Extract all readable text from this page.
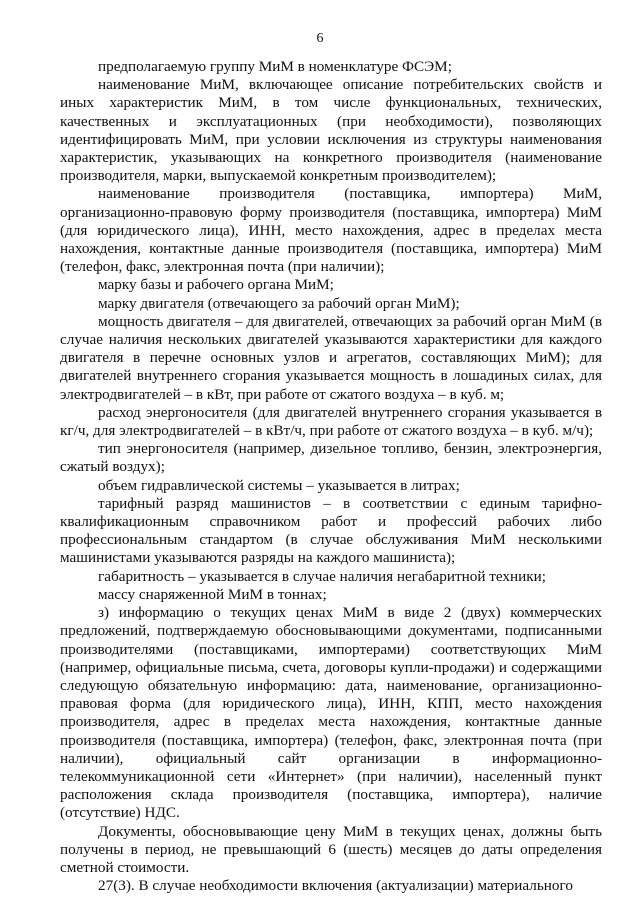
6

предполагаемую группу МиМ в номенклатуре ФСЭМ;

наименование МиМ, включающее описание потребительских свойств и иных характеристик МиМ, в том числе функциональных, технических, качественных и эксплуатационных (при необходимости), позволяющих идентифицировать МиМ, при условии исключения из структуры наименования характеристик, указывающих на конкретного производителя (наименование производителя, марки, выпускаемой конкретным производителем);

наименование производителя (поставщика, импортера) МиМ, организационно-правовую форму производителя (поставщика, импортера) МиМ (для юридического лица), ИНН, место нахождения, адрес в пределах места нахождения, контактные данные производителя (поставщика, импортера) МиМ (телефон, факс, электронная почта (при наличии);

марку базы и рабочего органа МиМ;

марку двигателя (отвечающего за рабочий орган МиМ);

мощность двигателя – для двигателей, отвечающих за рабочий орган МиМ (в случае наличия нескольких двигателей указываются характеристики для каждого двигателя в перечне основных узлов и агрегатов, составляющих МиМ); для двигателей внутреннего сгорания указывается мощность в лошадиных силах, для электродвигателей – в кВт, при работе от сжатого воздуха – в куб. м;

расход энергоносителя (для двигателей внутреннего сгорания указывается в кг/ч, для электродвигателей – в кВт/ч, при работе от сжатого воздуха – в куб. м/ч);

тип энергоносителя (например, дизельное топливо, бензин, электроэнергия, сжатый воздух);

объем гидравлической системы – указывается в литрах;

тарифный разряд машинистов – в соответствии с единым тарифно-квалификационным справочником работ и профессий рабочих либо профессиональным стандартом (в случае обслуживания МиМ несколькими машинистами указываются разряды на каждого машиниста);

габаритность – указывается в случае наличия негабаритной техники;

массу снаряженной МиМ в тоннах;

з) информацию о текущих ценах МиМ в виде 2 (двух) коммерческих предложений, подтверждаемую обосновывающими документами, подписанными производителями (поставщиками, импортерами) соответствующих МиМ (например, официальные письма, счета, договоры купли-продажи) и содержащими следующую обязательную информацию: дата, наименование, организационно-правовая форма (для юридического лица), ИНН, КПП, место нахождения производителя, адрес в пределах места нахождения, контактные данные производителя (поставщика, импортера) (телефон, факс, электронная почта (при наличии), официальный сайт организации в информационно-телекоммуникационной сети «Интернет» (при наличии), населенный пункт расположения склада производителя (поставщика, импортера), наличие (отсутствие) НДС.

Документы, обосновывающие цену МиМ в текущих ценах, должны быть получены в период, не превышающий 6 (шесть) месяцев до даты определения сметной стоимости.

27(3). В случае необходимости включения (актуализации) материального
